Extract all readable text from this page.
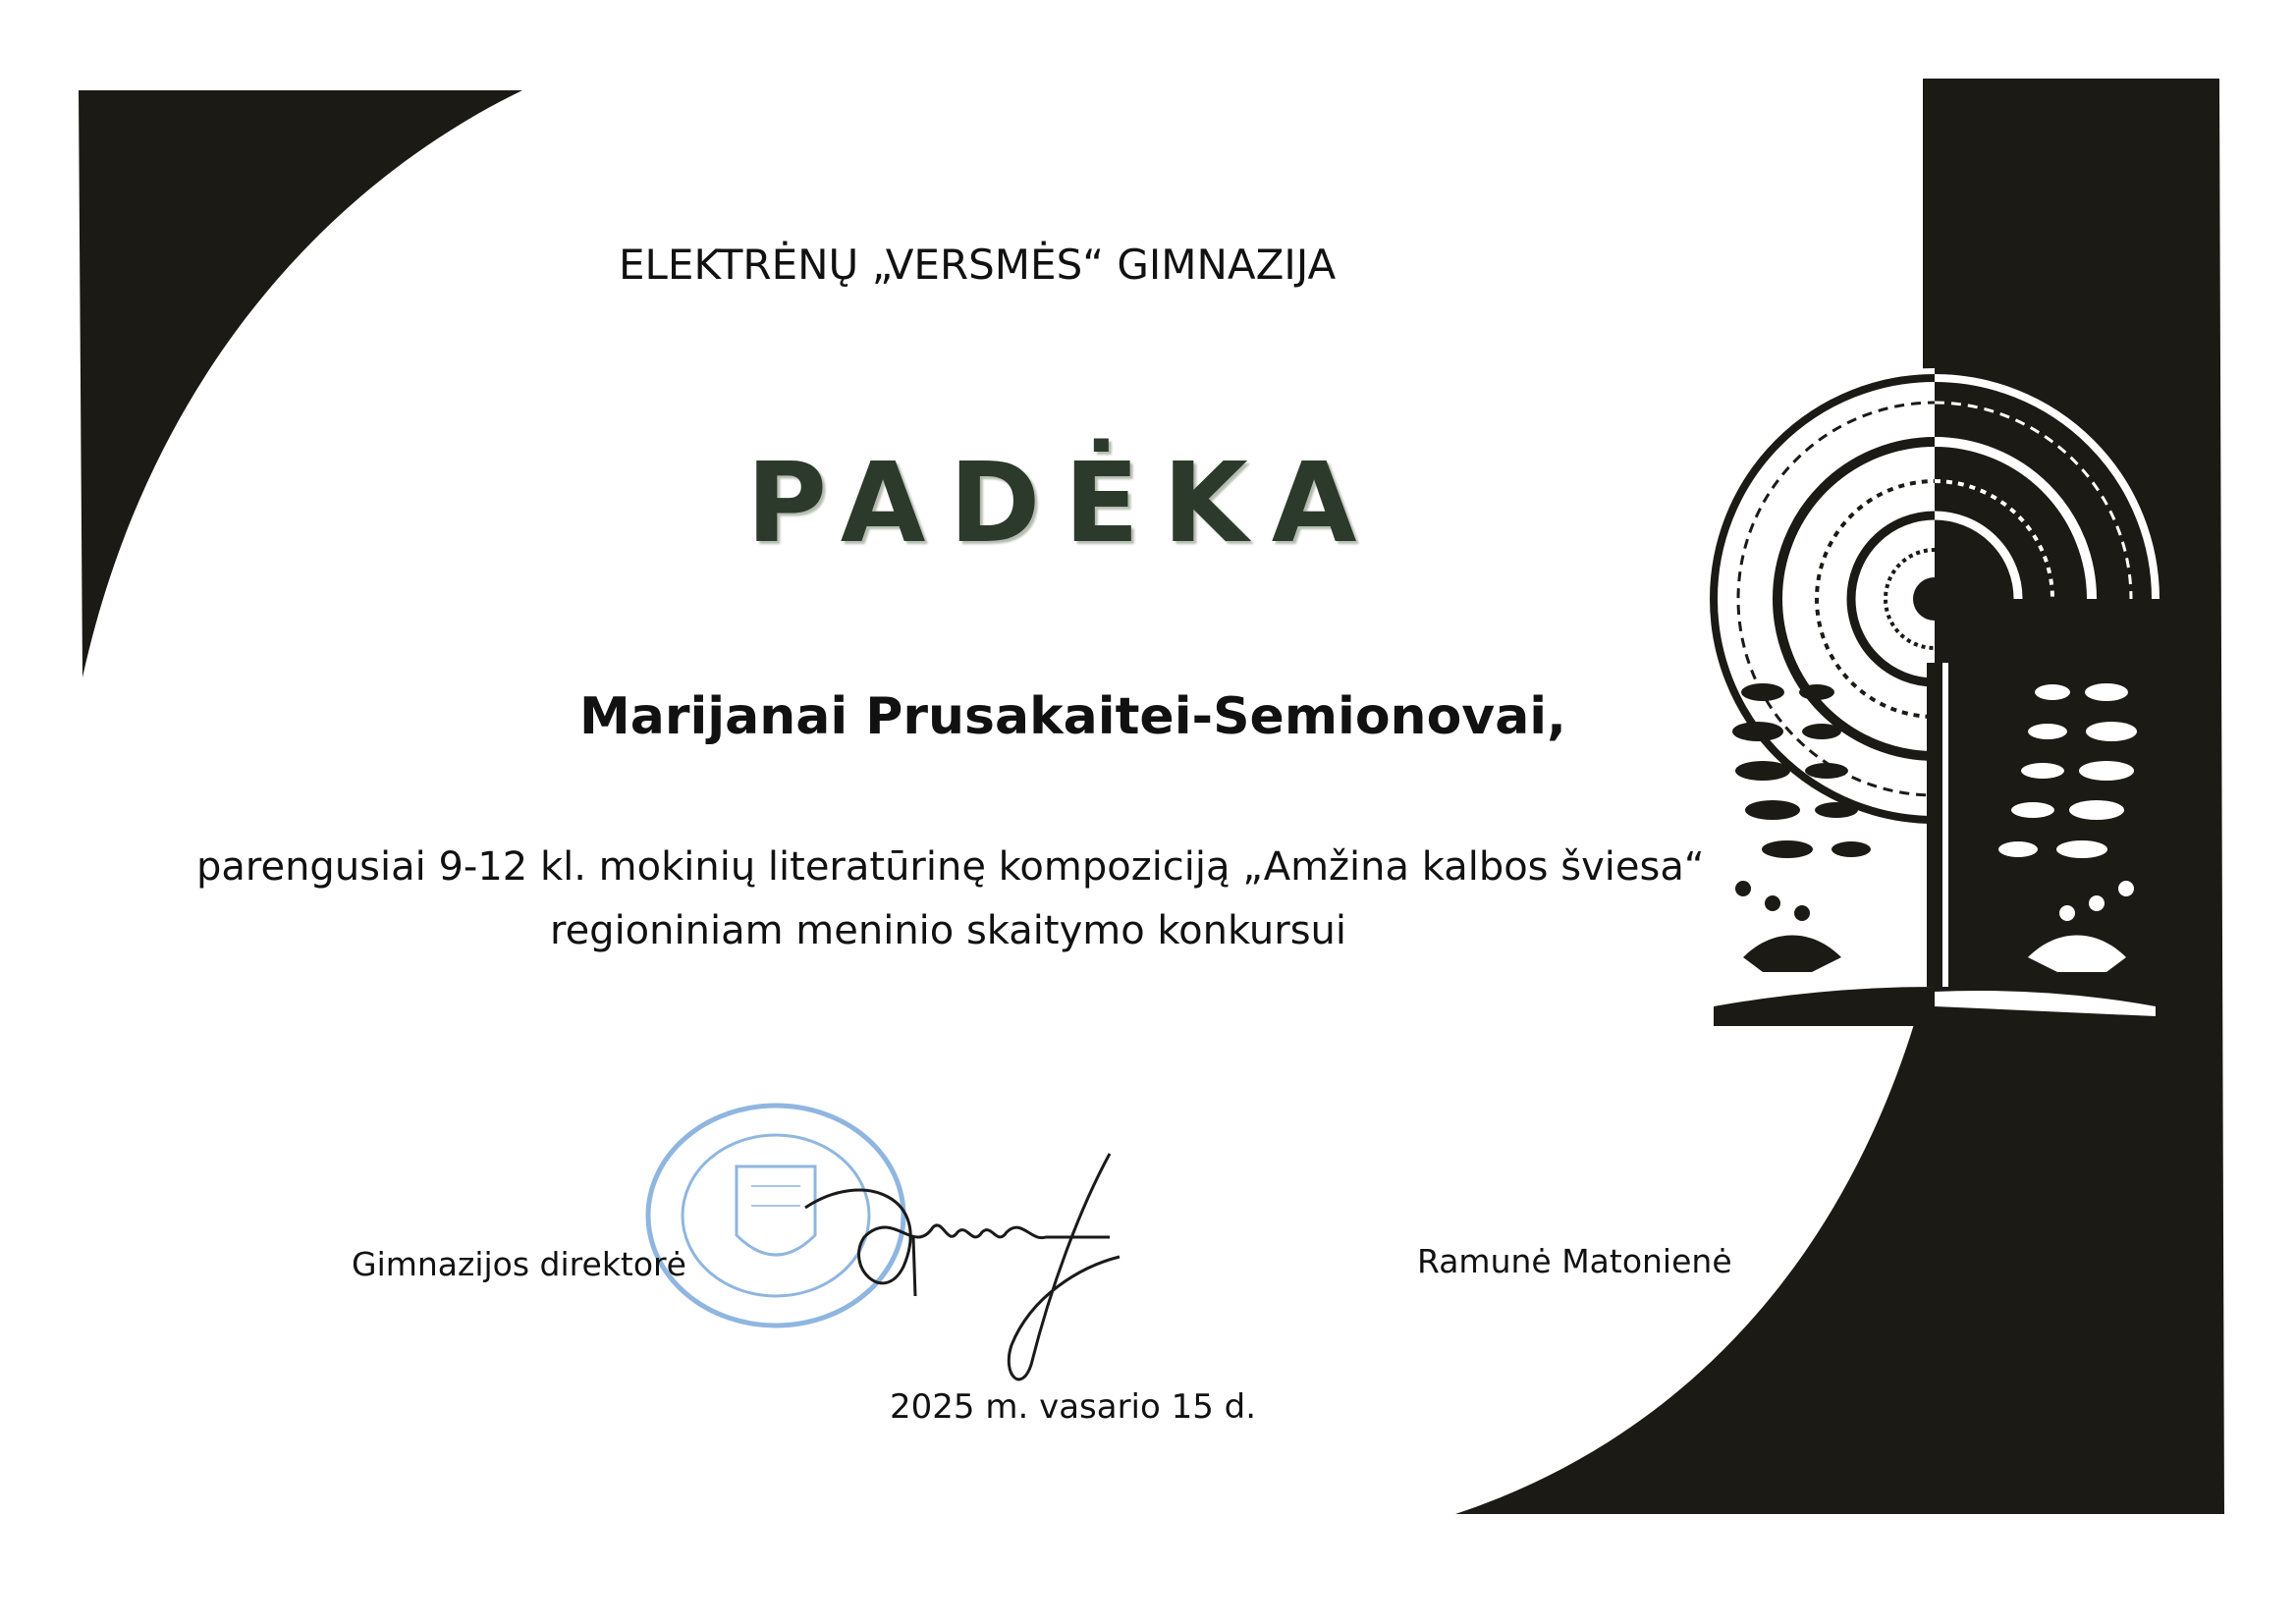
ELEKTRĖNŲ „VERSMĖS“ GIMNAZIJA
PADĖKA
Marijanai Prusakaitei-Semionovai,
parengusiai 9-12 kl. mokinių literatūrinę kompoziciją „Amžina kalbos šviesa“
regioniniam meninio skaitymo konkursui
Gimnazijos direktorė	Ramunė Matonienė
2025 m. vasario 15 d.
